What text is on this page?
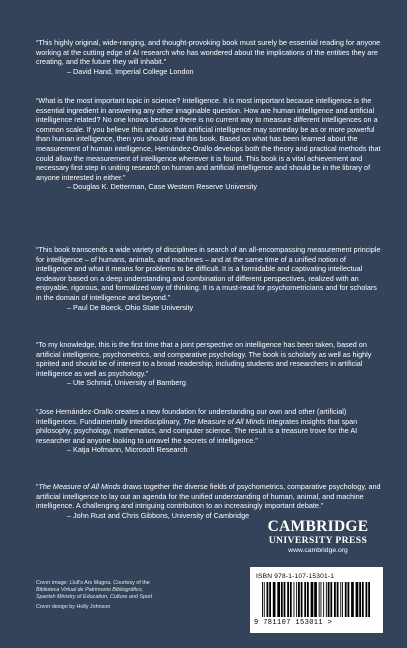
“This highly original, wide-ranging, and thought-provoking book must surely be essential reading for anyone working at the cutting edge of AI research who has wondered about the implications of the entities they are creating, and the future they will inhabit.”
– David Hand, Imperial College London

“What is the most important topic in science? Intelligence. It is most important because intelligence is the essential ingredient in answering any other imaginable question. How are human intelligence and artificial intelligence related? No one knows because there is no current way to measure different intelligences on a common scale. If you believe this and also that artificial intelligence may someday be as or more powerful than human intelligence, then you should read this book. Based on what has been learned about the measurement of human intelligence, Hernández-Orallo develops both the theory and practical methods that could allow the measurement of intelligence wherever it is found. This book is a vital achievement and necessary first step in uniting research on human and artificial intelligence and should be in the library of anyone interested in either.”
– Douglas K. Detterman, Case Western Reserve University

“This book transcends a wide variety of disciplines in search of an all-encompassing measurement principle for intelligence – of humans, animals, and machines – and at the same time of a unified notion of intelligence and what it means for problems to be difficult. It is a formidable and captivating intellectual endeavor based on a deep understanding and combination of different perspectives, realized with an enjoyable, rigorous, and formalized way of thinking. It is a must-read for psychometricians and for scholars in the domain of intelligence and beyond.”
– Paul De Boeck, Ohio State University

“To my knowledge, this is the first time that a joint perspective on intelligence has been taken, based on artificial intelligence, psychometrics, and comparative psychology. The book is scholarly as well as highly spirited and should be of interest to a broad readership, including students and researchers in artificial intelligence as well as psychology.”
– Ute Schmid, University of Bamberg

“Jose Hernández-Orallo creates a new foundation for understanding our own and other (artificial) intelligences. Fundamentally interdisciplinary, The Measure of All Minds integrates insights that span philosophy, psychology, mathematics, and computer science. The result is a treasure trove for the AI researcher and anyone looking to unravel the secrets of intelligence.”
– Katja Hofmann, Microsoft Research

“The Measure of All Minds draws together the diverse fields of psychometrics, comparative psychology, and artificial intelligence to lay out an agenda for the unified understanding of human, animal, and machine intelligence. A challenging and intriguing contribution to an increasingly important debate.”
– John Rust and Chris Gibbons, University of Cambridge

CAMBRIDGE
UNIVERSITY PRESS
www.cambridge.org
Cover image: Llull’s Ars Magna. Courtesy of the
Biblioteca Virtual de Patrimonio Bibliográfico,
Spanish Ministry of Education, Culture and Sport
Cover design by Holly Johnson
ISBN 978-1-107-15301-1
9 781107 153011 >
